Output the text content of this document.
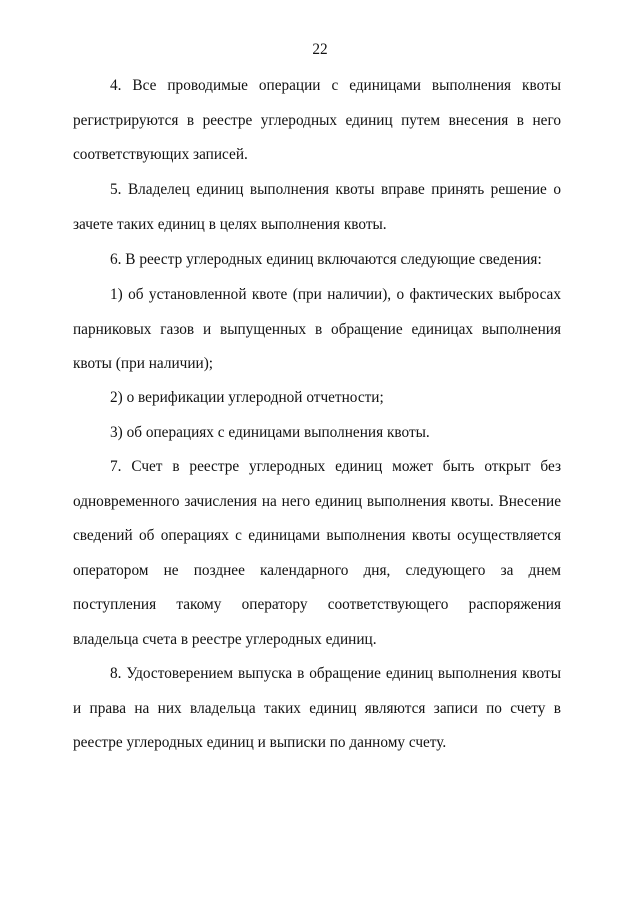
22

4. Все проводимые операции с единицами выполнения квоты регистрируются в реестре углеродных единиц путем внесения в него соответствующих записей.

5. Владелец единиц выполнения квоты вправе принять решение о зачете таких единиц в целях выполнения квоты.

6. В реестр углеродных единиц включаются следующие сведения:

1) об установленной квоте (при наличии), о фактических выбросах парниковых газов и выпущенных в обращение единицах выполнения квоты (при наличии);

2) о верификации углеродной отчетности;

3) об операциях с единицами выполнения квоты.

7. Счет в реестре углеродных единиц может быть открыт без одновременного зачисления на него единиц выполнения квоты. Внесение сведений об операциях с единицами выполнения квоты осуществляется оператором не позднее календарного дня, следующего за днем поступления такому оператору соответствующего распоряжения владельца счета в реестре углеродных единиц.

8. Удостоверением выпуска в обращение единиц выполнения квоты и права на них владельца таких единиц являются записи по счету в реестре углеродных единиц и выписки по данному счету.
